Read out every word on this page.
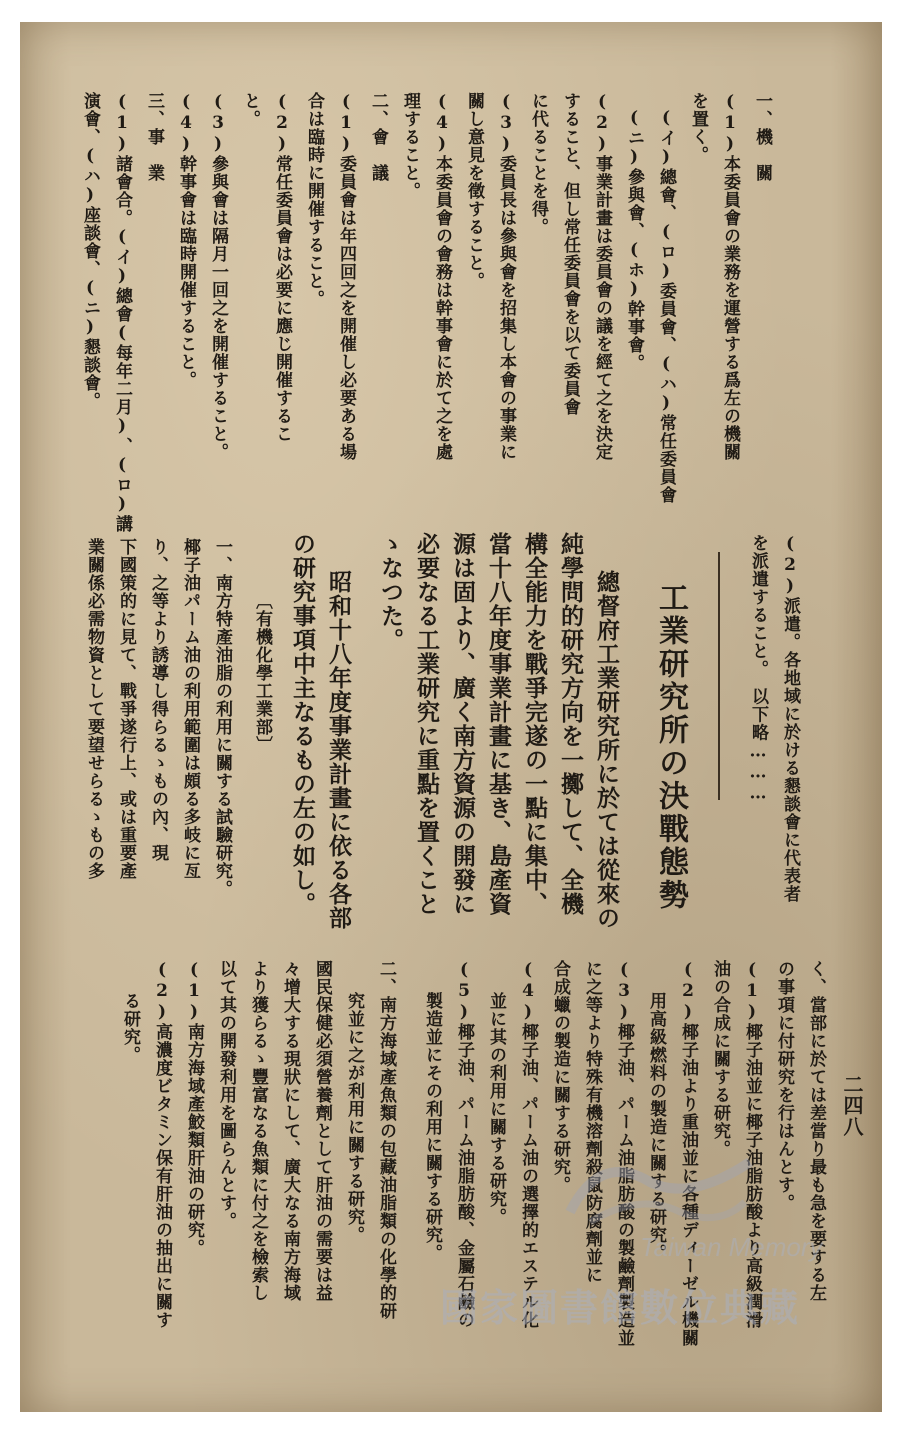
二四八
一、機　關
(1)本委員會の業務を運營する爲左の機關
を置く。
(イ)總會、(ロ)委員會、(ハ)常任委員會
(ニ)參與會、(ホ)幹事會。
(2)事業計畫は委員會の議を經て之を決定
すること、但し常任委員會を以て委員會
に代ることを得。
(3)委員長は參與會を招集し本會の事業に
關し意見を徵すること。
(4)本委員會の會務は幹事會に於て之を處
理すること。
二、會　議
(1)委員會は年四回之を開催し必要ある場
合は臨時に開催すること。
(2)常任委員會は必要に應じ開催するこ
と。
(3)參與會は隔月一回之を開催すること。
(4)幹事會は臨時開催すること。
三、事　業
(1)諸會合。(イ)總會(每年二月)、(ロ)講
演會、(ハ)座談會、(ニ)懇談會。
(2)派遣。各地域に於ける懇談會に代表者
を派遣すること。　以下略………
工業研究所の決戰態勢
總督府工業研究所に於ては從來の
純學問的研究方向を一擲して、全機
構全能力を戰爭完遂の一點に集中、
當十八年度事業計畫に基き、島產資
源は固より、廣く南方資源の開發に
必要なる工業研究に重點を置くこと
ゝなつた。
昭和十八年度事業計畫に依る各部
の研究事項中主なるもの左の如し。
〔有機化學工業部〕
一、南方特產油脂の利用に關する試驗研究。
椰子油パーム油の利用範圍は頗る多岐に亙
り、之等より誘導し得らるゝもの內、現
下國策的に見て、戰爭遂行上、或は重要產
業關係必需物資として要望せらるゝもの多
く、當部に於ては差當り最も急を要する左
の事項に付研究を行はんとす。
(1)椰子油並に椰子油脂肪酸より高級潤滑
油の合成に關する研究。
(2)椰子油より重油並に各種ディーゼル機關
用高級燃料の製造に關する研究。
(3)椰子油、パーム油脂肪酸の製鹼劑製造並
に之等より特殊有機溶劑殺鼠防腐劑並に
合成蠟の製造に關する研究。
(4)椰子油、パーム油の選擇的エステル化
並に其の利用に關する研究。
(5)椰子油、パーム油脂肪酸、金屬石鹼の
製造並にその利用に關する研究。
二、南方海域產魚類の包藏油脂類の化學的研
究並に之が利用に關する研究。
國民保健必須營養劑として肝油の需要は益
々增大する現狀にして、廣大なる南方海域
より獲らるゝ豐富なる魚類に付之を檢索し
以て其の開發利用を圖らんとす。
(1)南方海域產鮫類肝油の研究。
(2)高濃度ビタミン保有肝油の抽出に關す
る研究。
Taiwan Memory
國家圖書館數位典藏
